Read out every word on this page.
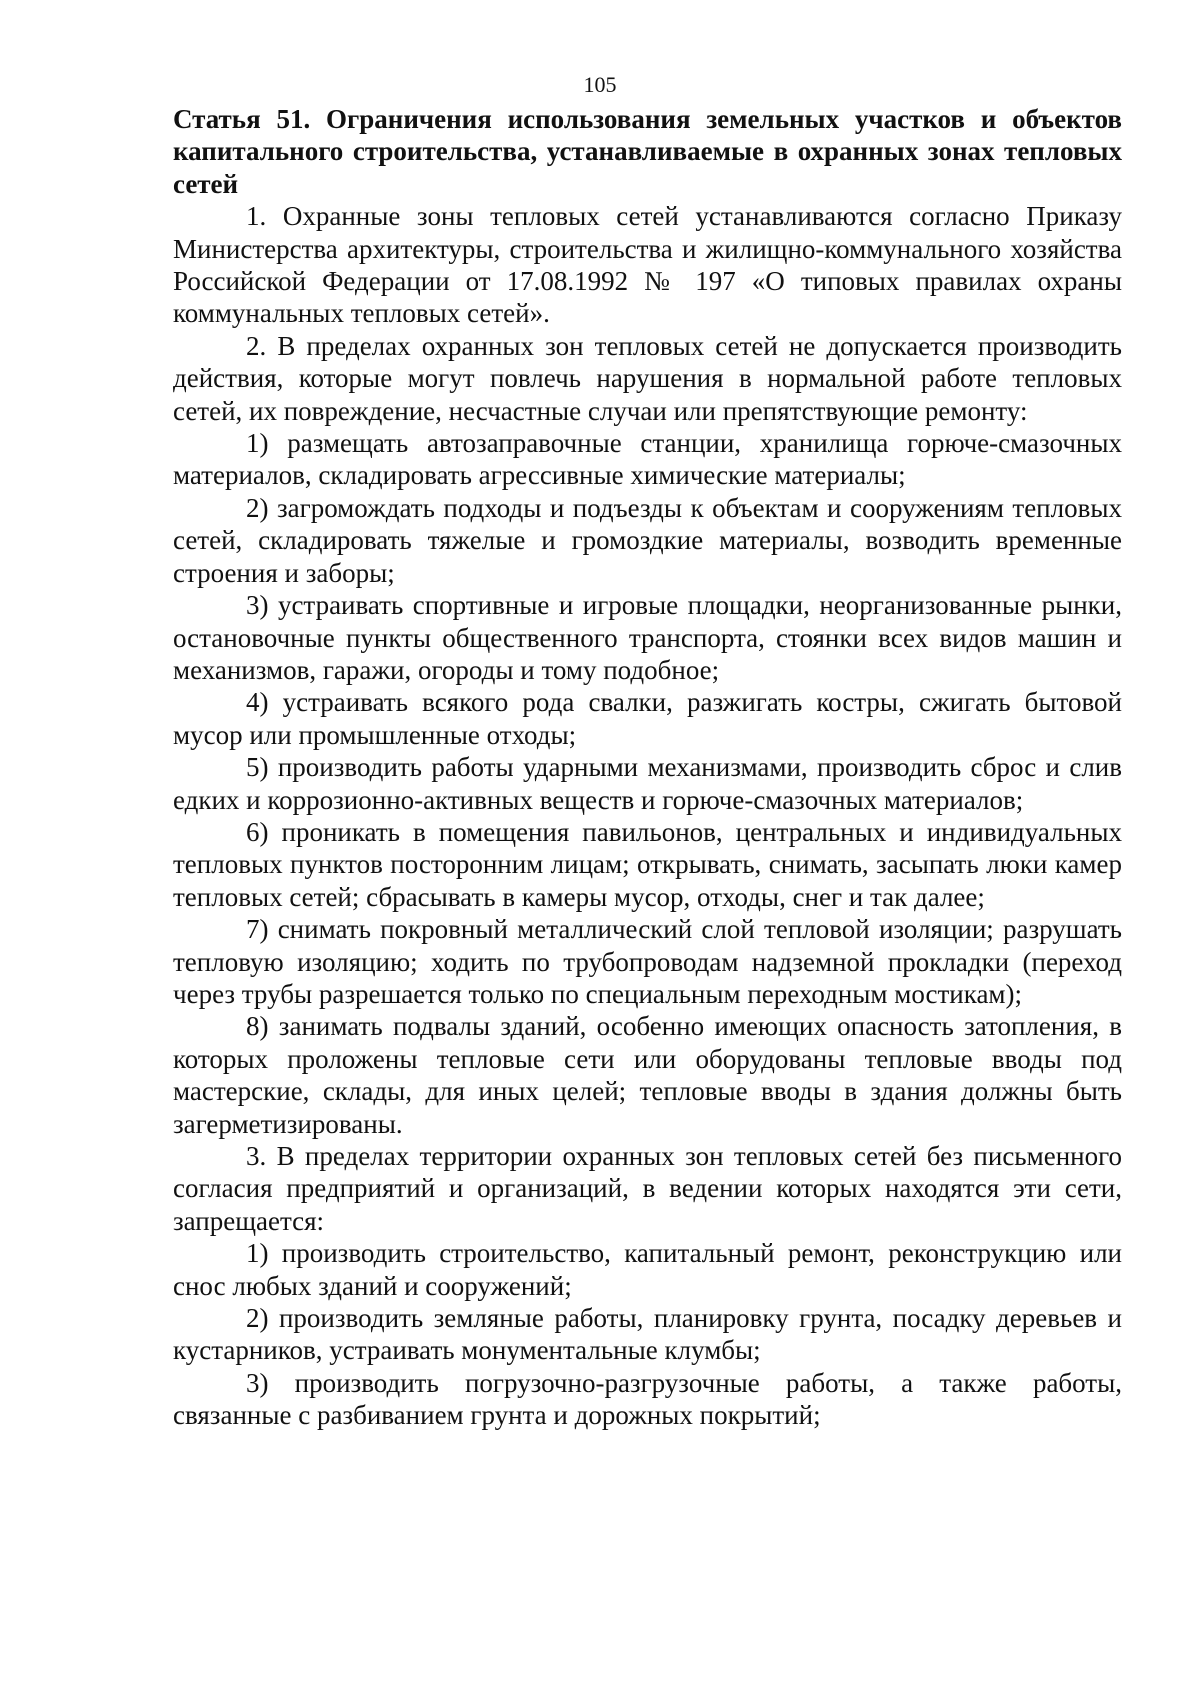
105

Статья 51. Ограничения использования земельных участков и объектов капитального строительства, устанавливаемые в охранных зонах тепловых сетей

1. Охранные зоны тепловых сетей устанавливаются согласно Приказу Министерства архитектуры, строительства и жилищно-коммунального хозяйства Российской Федерации от 17.08.1992 № 197 «О типовых правилах охраны коммунальных тепловых сетей».

2. В пределах охранных зон тепловых сетей не допускается производить действия, которые могут повлечь нарушения в нормальной работе тепловых сетей, их повреждение, несчастные случаи или препятствующие ремонту:

1) размещать автозаправочные станции, хранилища горюче-смазочных материалов, складировать агрессивные химические материалы;

2) загромождать подходы и подъезды к объектам и сооружениям тепловых сетей, складировать тяжелые и громоздкие материалы, возводить временные строения и заборы;

3) устраивать спортивные и игровые площадки, неорганизованные рынки, остановочные пункты общественного транспорта, стоянки всех видов машин и механизмов, гаражи, огороды и тому подобное;

4) устраивать всякого рода свалки, разжигать костры, сжигать бытовой мусор или промышленные отходы;

5) производить работы ударными механизмами, производить сброс и слив едких и коррозионно-активных веществ и горюче-смазочных материалов;

6) проникать в помещения павильонов, центральных и индивидуальных тепловых пунктов посторонним лицам; открывать, снимать, засыпать люки камер тепловых сетей; сбрасывать в камеры мусор, отходы, снег и так далее;

7) снимать покровный металлический слой тепловой изоляции; разрушать тепловую изоляцию; ходить по трубопроводам надземной прокладки (переход через трубы разрешается только по специальным переходным мостикам);

8) занимать подвалы зданий, особенно имеющих опасность затопления, в которых проложены тепловые сети или оборудованы тепловые вводы под мастерские, склады, для иных целей; тепловые вводы в здания должны быть загерметизированы.

3. В пределах территории охранных зон тепловых сетей без письменного согласия предприятий и организаций, в ведении которых находятся эти сети, запрещается:

1) производить строительство, капитальный ремонт, реконструкцию или снос любых зданий и сооружений;

2) производить земляные работы, планировку грунта, посадку деревьев и кустарников, устраивать монументальные клумбы;

3) производить погрузочно-разгрузочные работы, а также работы, связанные с разбиванием грунта и дорожных покрытий;
